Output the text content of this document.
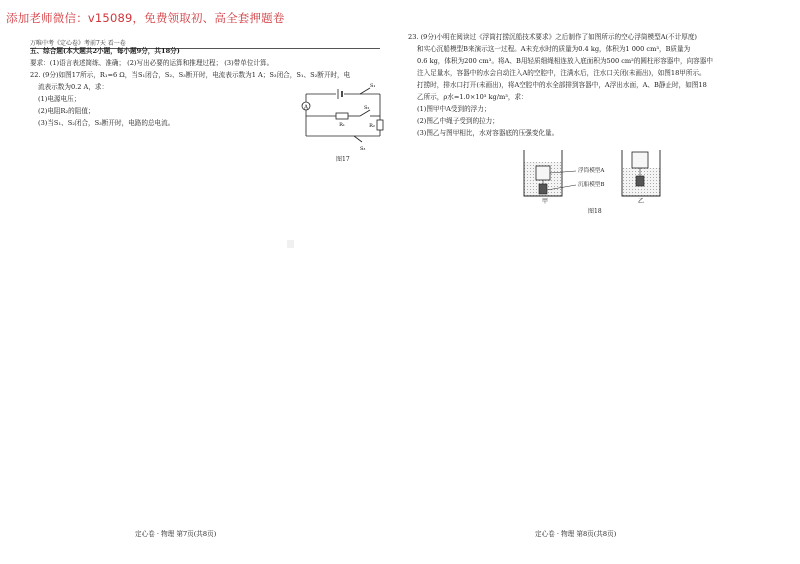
添加老师微信：v15089，免费领取初、高全套押题卷
万唯中考《定心卷》考前7天 看一卷
五、综合题(本大题共2小题，每小题9分，共18分)
要求：(1)语言表述简练、准确； (2)写出必要的运算和推理过程； (3)带单位计算。
22. (9分)如图17所示，R₁=6 Ω，当S₁闭合，S₂、S₃断开时，电流表示数为1 A；S₃闭合，S₁、S₂断开时，电
流表示数为0.2 A，求：
(1)电源电压；
(2)电阻R₂的阻值；
(3)当S₁、S₂闭合，S₃断开时，电路的总电流。
A
R₁	R₂
S₁
S₂
S₃
图17
定心卷 · 物理 第7页(共8页)
23. (9分)小明在阅读过《浮筒打捞沉船技术要求》之后制作了如图所示的空心浮筒模型A(不计厚度)
和实心沉船模型B来演示这一过程。A未充水时的质量为0.4 kg，体积为1 000 cm³，B质量为
0.6 kg，体积为200 cm³。将A、B用轻质细绳相连放入底面积为500 cm²的圆柱形容器中，向容器中
注入足量水，容器中的水会自动注入A的空腔中，注满水后，注水口关闭(未画出)，如图18甲所示。
打捞时，排水口打开(未画出)，将A空腔中的水全部排到容器中，A浮出水面，A、B静止时，如图18
乙所示，ρ水=1.0×10³ kg/m³，求：
(1)图甲中A受到的浮力；
(2)图乙中绳子受到的拉力；
(3)图乙与图甲相比，水对容器底的压强变化量。
浮筒模型A
沉船模型B
甲	乙
图18
定心卷 · 物理 第8页(共8页)
